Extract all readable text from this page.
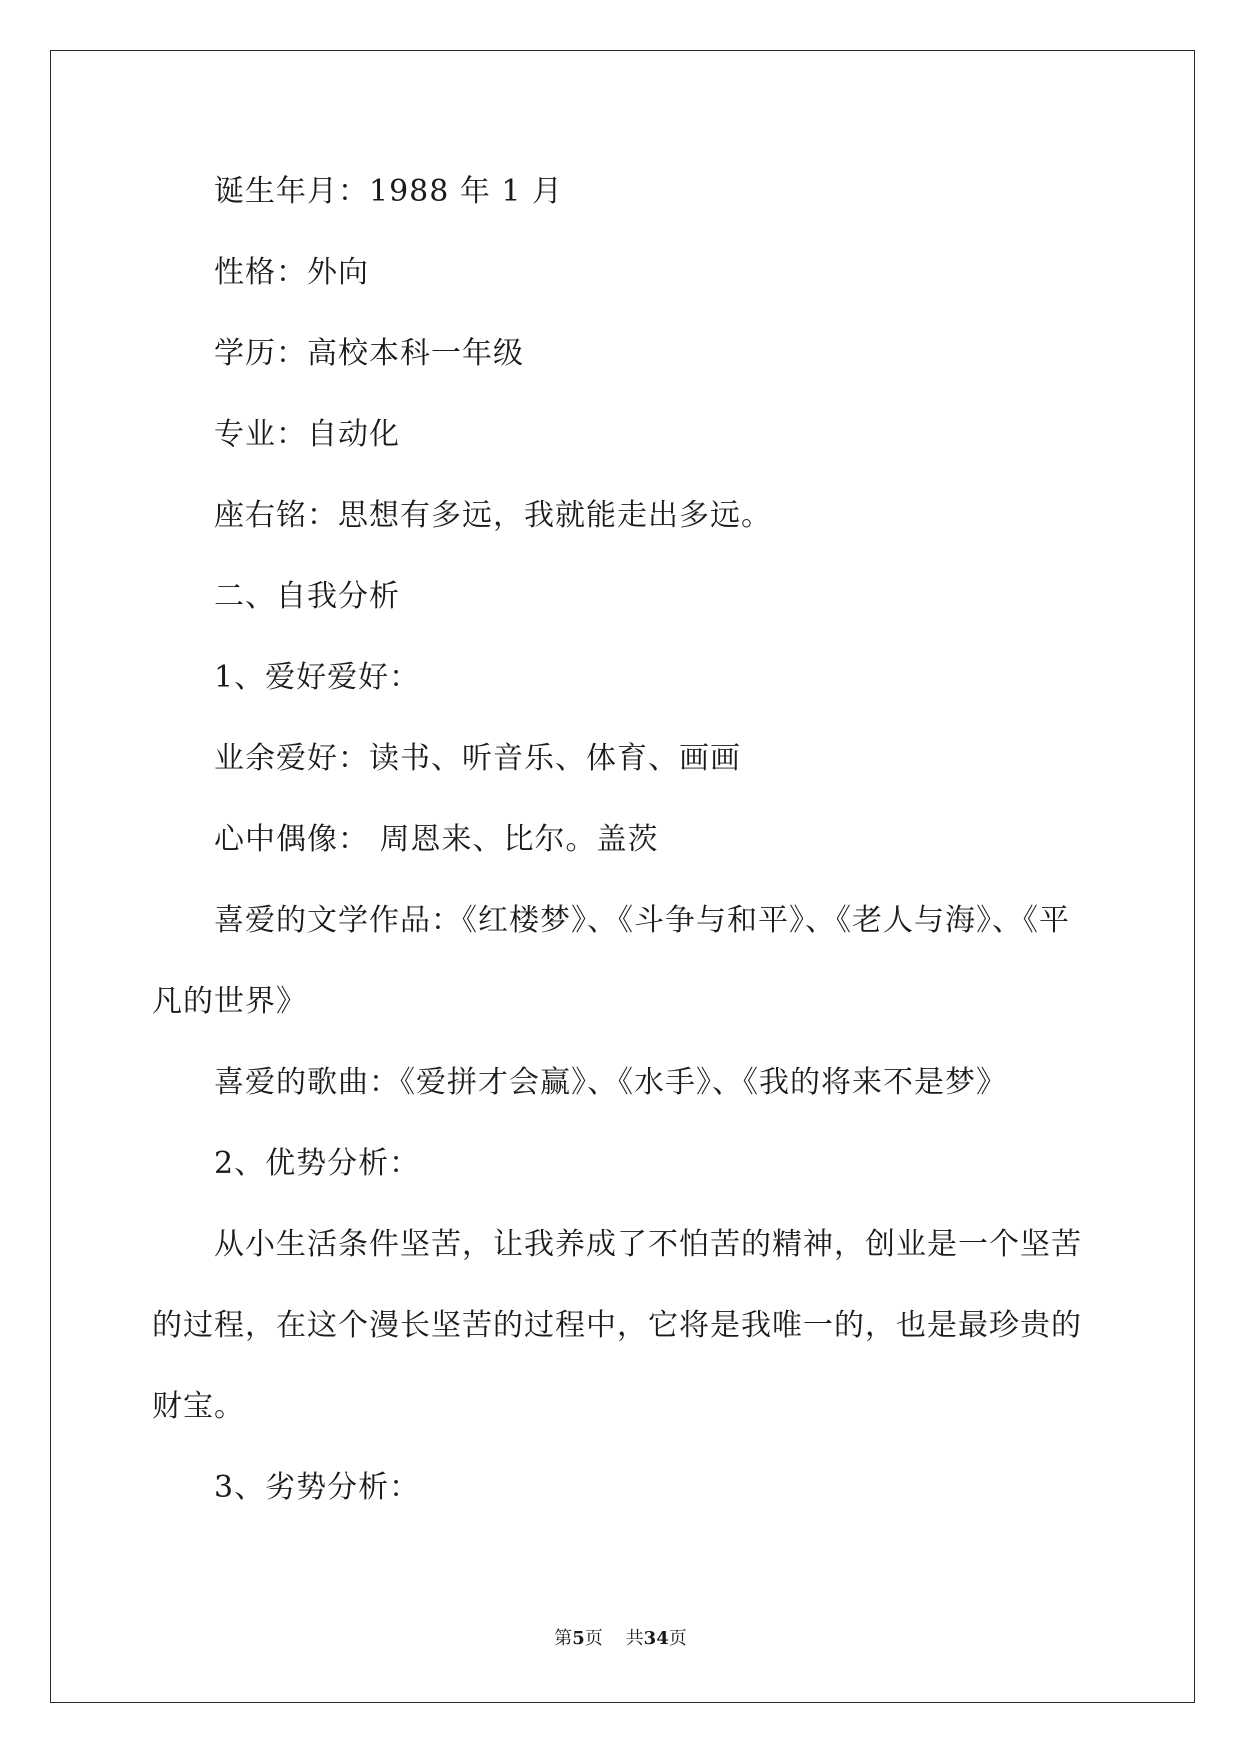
诞生年月：1988 年 1 月

性格：外向

学历：高校本科一年级

专业：自动化

座右铭：思想有多远，我就能走出多远。

二、自我分析

1、爱好爱好：

业余爱好：读书、听音乐、体育、画画

心中偶像： 周恩来、比尔。盖茨

喜爱的文学作品：《红楼梦》、《斗争与和平》、《老人与海》、《平

凡的世界》

喜爱的歌曲：《爱拼才会赢》、《水手》、《我的将来不是梦》

2、优势分析：

从小生活条件坚苦，让我养成了不怕苦的精神，创业是一个坚苦

的过程，在这个漫长坚苦的过程中，它将是我唯一的，也是最珍贵的

财宝。

3、劣势分析：

第5页    共34页
